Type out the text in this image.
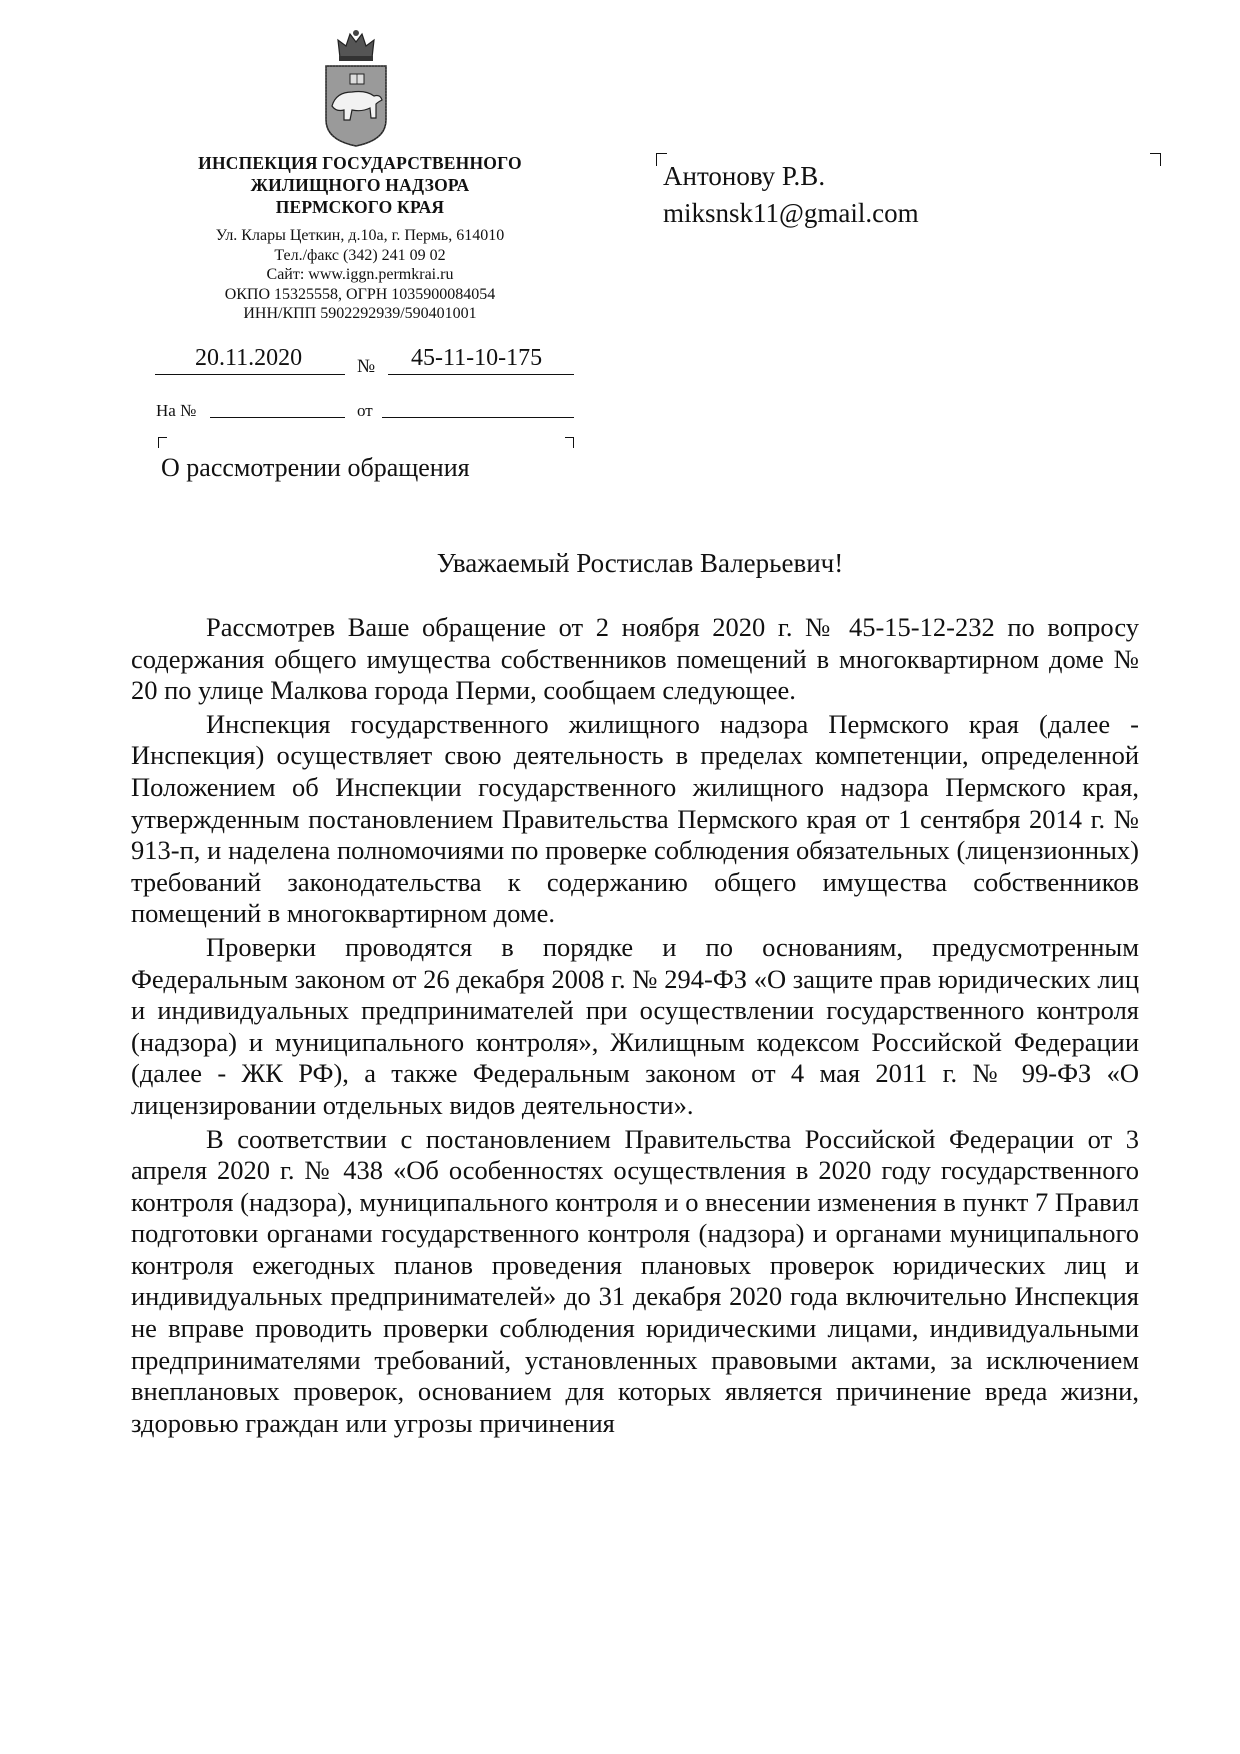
ИНСПЕКЦИЯ ГОСУДАРСТВЕННОГО
ЖИЛИЩНОГО НАДЗОРА
ПЕРМСКОГО КРАЯ
Ул. Клары Цеткин, д.10а, г. Пермь, 614010
Тел./факс (342) 241 09 02
Сайт: www.iggn.permkrai.ru
ОКПО 15325558, ОГРН 1035900084054
ИНН/КПП 5902292939/590401001
20.11.2020	№ 45-11-10-175
На №	от
О рассмотрении обращения
Антонову Р.В.
miksnsk11@gmail.com
Уважаемый Ростислав Валерьевич!

Рассмотрев Ваше обращение от 2 ноября 2020 г. № 45-15-12-232 по вопросу содержания общего имущества собственников помещений в многоквартирном доме № 20 по улице Малкова города Перми, сообщаем следующее.

Инспекция государственного жилищного надзора Пермского края (далее - Инспекция) осуществляет свою деятельность в пределах компетенции, определенной Положением об Инспекции государственного жилищного надзора Пермского края, утвержденным постановлением Правительства Пермского края от 1 сентября 2014 г. № 913-п, и наделена полномочиями по проверке соблюдения обязательных (лицензионных) требований законодательства к содержанию общего имущества собственников помещений в многоквартирном доме.

Проверки проводятся в порядке и по основаниям, предусмотренным Федеральным законом от 26 декабря 2008 г. № 294-ФЗ «О защите прав юридических лиц и индивидуальных предпринимателей при осуществлении государственного контроля (надзора) и муниципального контроля», Жилищным кодексом Российской Федерации (далее - ЖК РФ), а также Федеральным законом от 4 мая 2011 г. № 99-ФЗ «О лицензировании отдельных видов деятельности».

В соответствии с постановлением Правительства Российской Федерации от 3 апреля 2020 г. № 438 «Об особенностях осуществления в 2020 году государственного контроля (надзора), муниципального контроля и о внесении изменения в пункт 7 Правил подготовки органами государственного контроля (надзора) и органами муниципального контроля ежегодных планов проведения плановых проверок юридических лиц и индивидуальных предпринимателей» до 31 декабря 2020 года включительно Инспекция не вправе проводить проверки соблюдения юридическими лицами, индивидуальными предпринимателями требований, установленных правовыми актами, за исключением внеплановых проверок, основанием для которых является причинение вреда жизни, здоровью граждан или угрозы причинения
